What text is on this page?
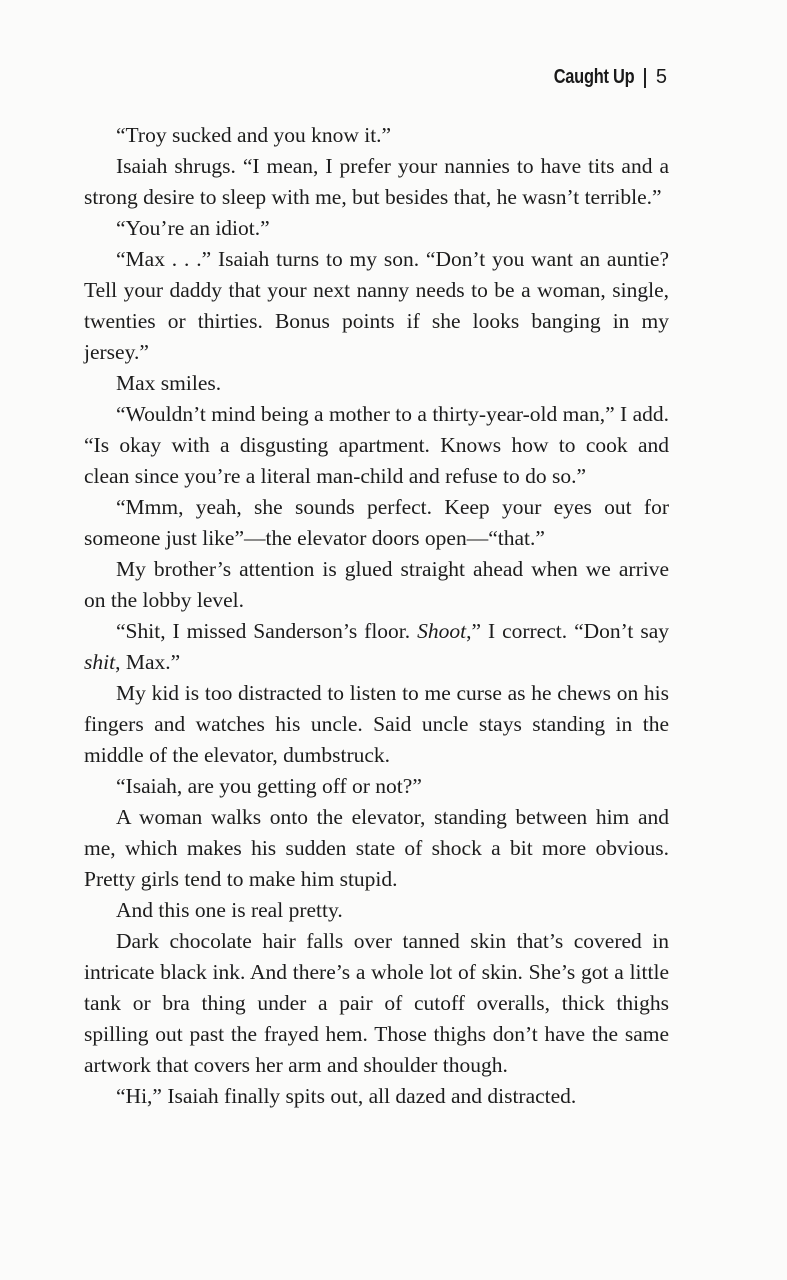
Caught Up 5

“Troy sucked and you know it.”

Isaiah shrugs. “I mean, I prefer your nannies to have tits and a strong desire to sleep with me, but besides that, he wasn’t terrible.”

“You’re an idiot.”

“Max . . .” Isaiah turns to my son. “Don’t you want an auntie? Tell your daddy that your next nanny needs to be a woman, single, twenties or thirties. Bonus points if she looks banging in my jersey.”

Max smiles.

“Wouldn’t mind being a mother to a thirty-year-old man,” I add. “Is okay with a disgusting apartment. Knows how to cook and clean since you’re a literal man-child and refuse to do so.”

“Mmm, yeah, she sounds perfect. Keep your eyes out for someone just like”—the elevator doors open—“that.”

My brother’s attention is glued straight ahead when we arrive on the lobby level.

“Shit, I missed Sanderson’s floor. Shoot,” I correct. “Don’t say shit, Max.”

My kid is too distracted to listen to me curse as he chews on his fingers and watches his uncle. Said uncle stays standing in the middle of the elevator, dumbstruck.

“Isaiah, are you getting off or not?”

A woman walks onto the elevator, standing between him and me, which makes his sudden state of shock a bit more obvious. Pretty girls tend to make him stupid.

And this one is real pretty.

Dark chocolate hair falls over tanned skin that’s covered in intricate black ink. And there’s a whole lot of skin. She’s got a little tank or bra thing under a pair of cutoff overalls, thick thighs spilling out past the frayed hem. Those thighs don’t have the same artwork that covers her arm and shoulder though.

“Hi,” Isaiah finally spits out, all dazed and distracted.
